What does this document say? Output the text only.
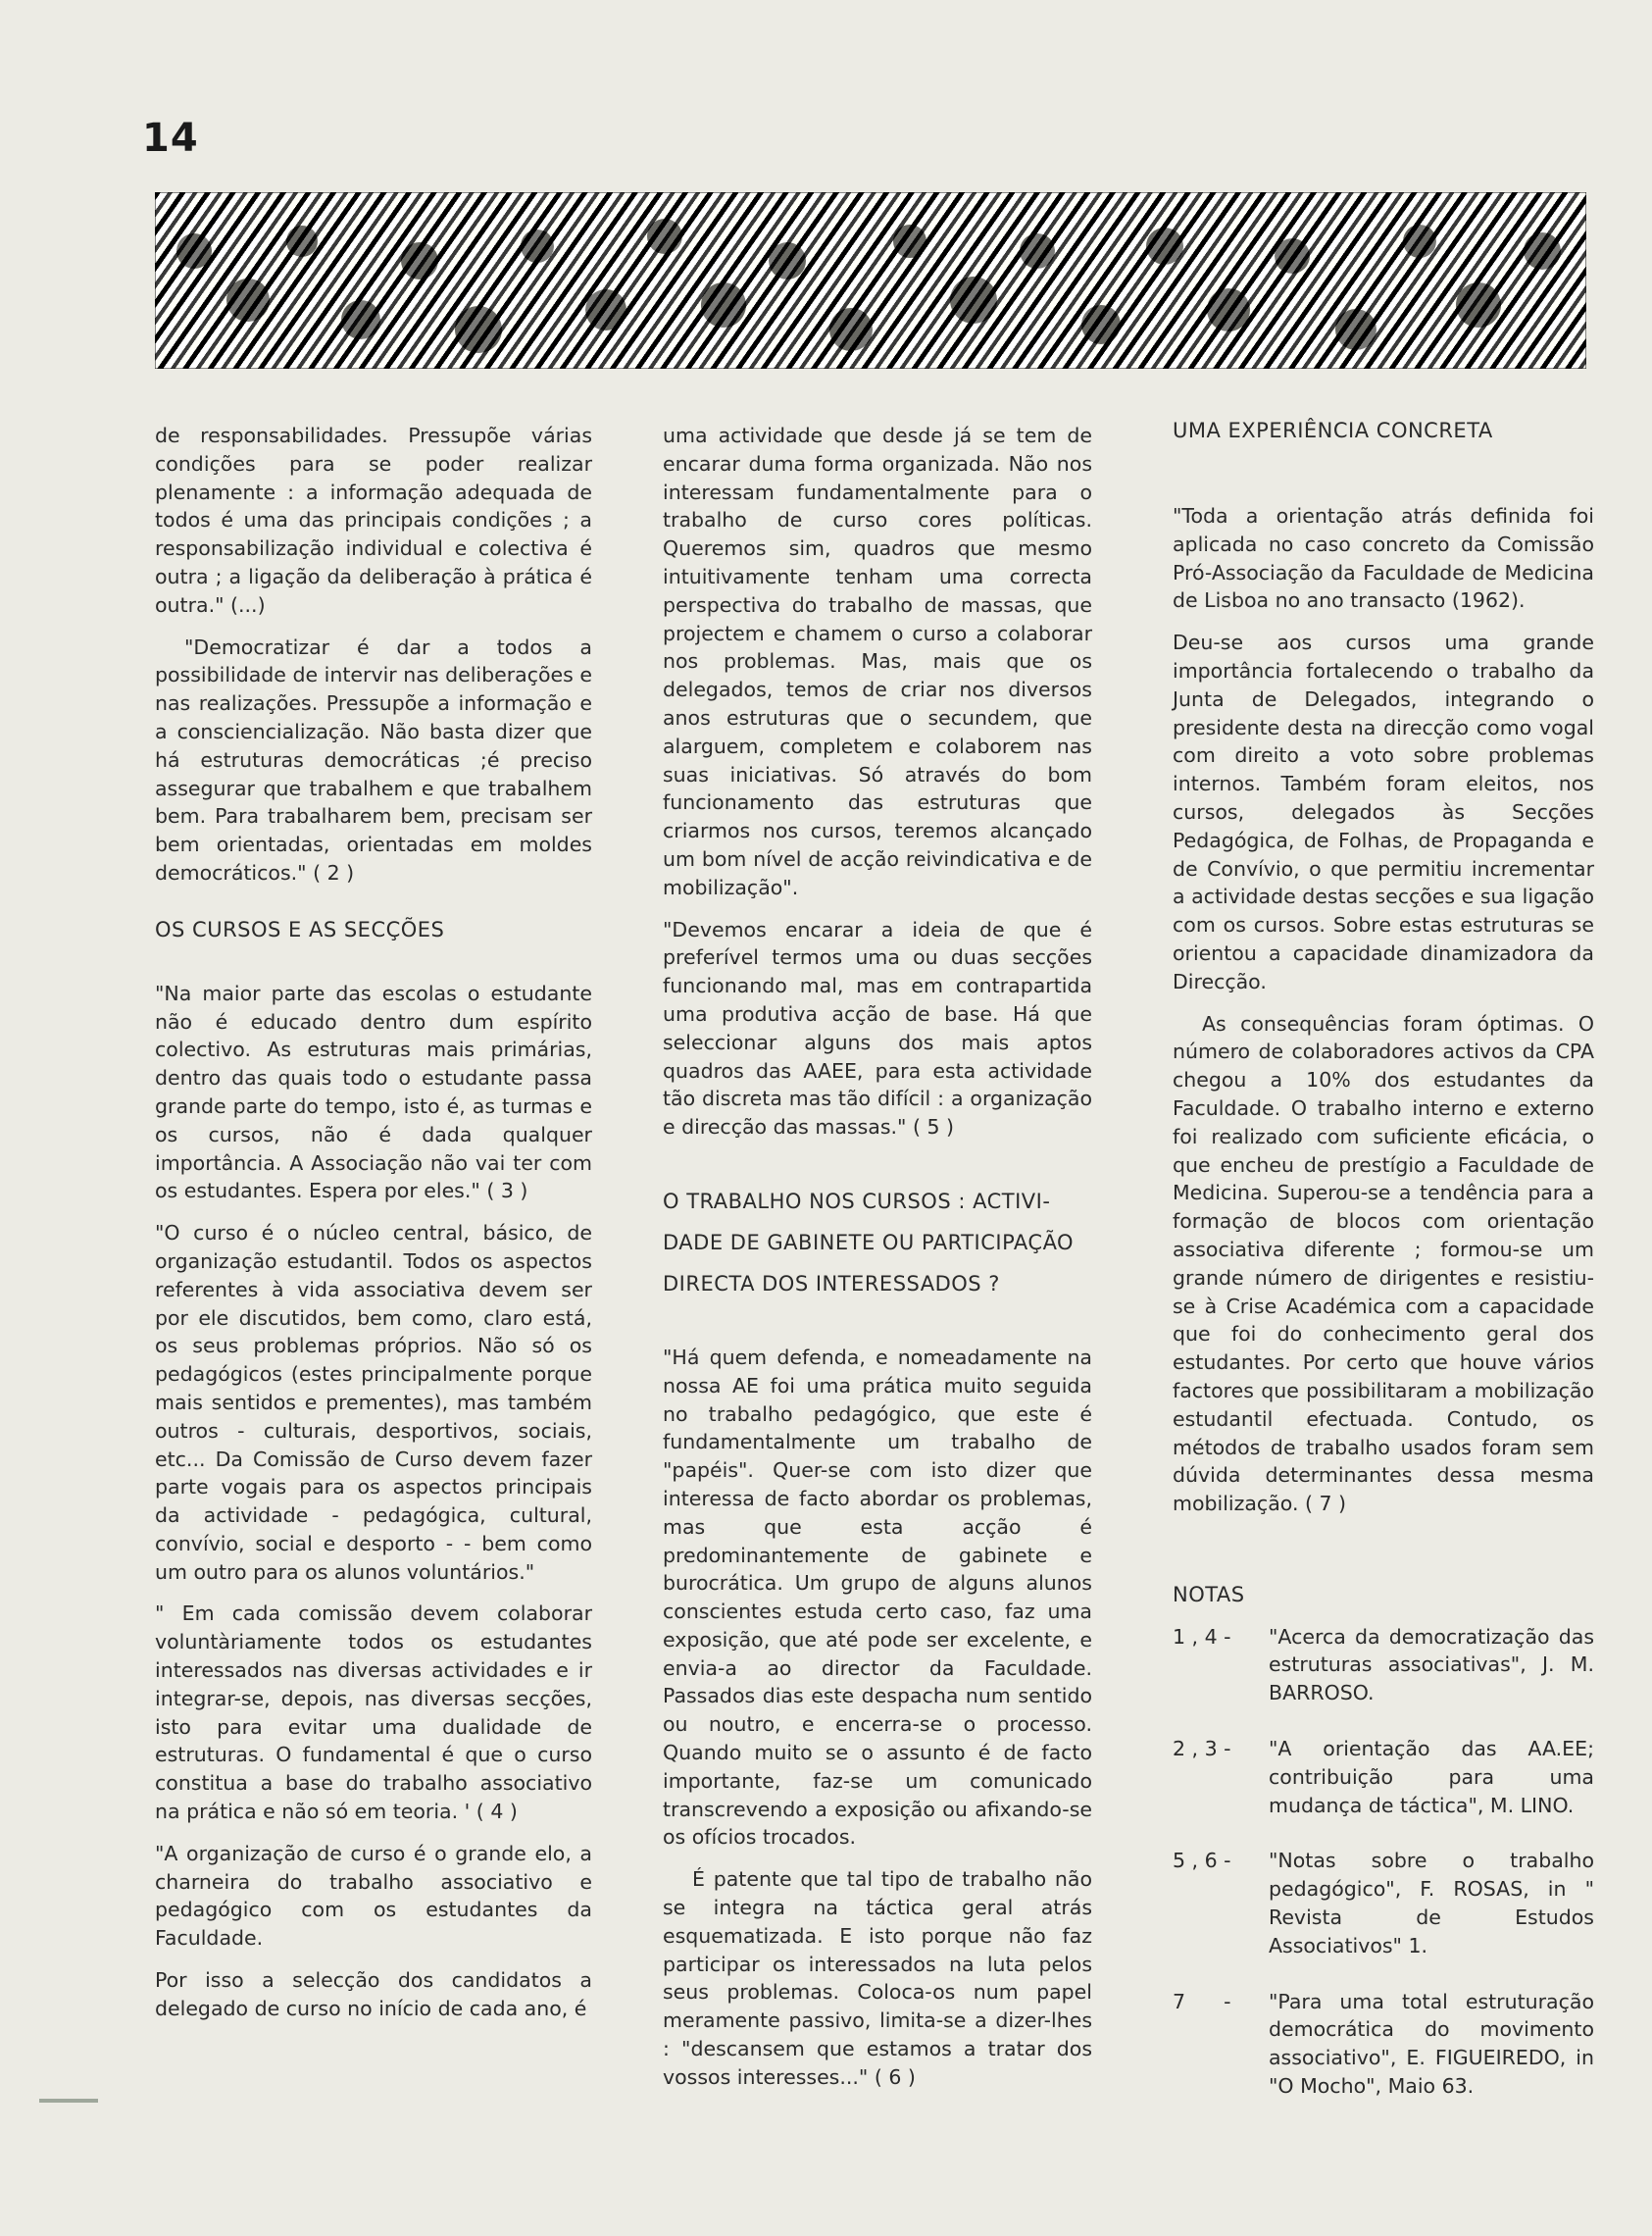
14

de responsabilidades. Pressupõe várias condições para se poder realizar plenamente : a informação adequada de todos é uma das principais condições ; a responsabilização individual e colectiva é outra ; a ligação da deliberação à prática é outra." (...)

"Democratizar é dar a todos a possibilidade de intervir nas deliberações e nas realizações. Pressupõe a informação e a consciencialização. Não basta dizer que há estruturas democráticas ;é preciso assegurar que trabalhem e que trabalhem bem. Para trabalharem bem, precisam ser bem orientadas, orientadas em moldes democráticos." ( 2 )

OS CURSOS E AS SECÇÕES

"Na maior parte das escolas o estudante não é educado dentro dum espírito colectivo. As estruturas mais primárias, dentro das quais todo o estudante passa grande parte do tempo, isto é, as turmas e os cursos, não é dada qualquer importância. A Associação não vai ter com os estudantes. Espera por eles." ( 3 )

"O curso é o núcleo central, básico, de organização estudantil. Todos os aspectos referentes à vida associativa devem ser por ele discutidos, bem como, claro está, os seus problemas próprios. Não só os pedagógicos (estes principalmente porque mais sentidos e prementes), mas também outros - culturais, desportivos, sociais, etc... Da Comissão de Curso devem fazer parte vogais para os aspectos principais da actividade - pedagógica, cultural, convívio, social e desporto - - bem como um outro para os alunos voluntários."

" Em cada comissão devem colaborar voluntàriamente todos os estudantes interessados nas diversas actividades e ir integrar-se, depois, nas diversas secções, isto para evitar uma dualidade de estruturas. O fundamental é que o curso constitua a base do trabalho associativo na prática e não só em teoria. ' ( 4 )

"A organização de curso é o grande elo, a charneira do trabalho associativo e pedagógico com os estudantes da Faculdade.

Por isso a selecção dos candidatos a delegado de curso no início de cada ano, é

uma actividade que desde já se tem de encarar duma forma organizada. Não nos interessam fundamentalmente para o trabalho de curso cores políticas. Queremos sim, quadros que mesmo intuitivamente tenham uma correcta perspectiva do trabalho de massas, que projectem e chamem o curso a colaborar nos problemas. Mas, mais que os delegados, temos de criar nos diversos anos estruturas que o secundem, que alarguem, completem e colaborem nas suas iniciativas. Só através do bom funcionamento das estruturas que criarmos nos cursos, teremos alcançado um bom nível de acção reivindicativa e de mobilização".

"Devemos encarar a ideia de que é preferível termos uma ou duas secções funcionando mal, mas em contrapartida uma produtiva acção de base. Há que seleccionar alguns dos mais aptos quadros das AAEE, para esta actividade tão discreta mas tão difícil : a organização e direcção das massas." ( 5 )

O TRABALHO NOS CURSOS : ACTIVI-
DADE DE GABINETE OU PARTICIPAÇÃO
DIRECTA DOS INTERESSADOS ?

"Há quem defenda, e nomeadamente na nossa AE foi uma prática muito seguida no trabalho pedagógico, que este é fundamentalmente um trabalho de "papéis". Quer-se com isto dizer que interessa de facto abordar os problemas, mas que esta acção é predominantemente de gabinete e burocrática. Um grupo de alguns alunos conscientes estuda certo caso, faz uma exposição, que até pode ser excelente, e envia-a ao director da Faculdade. Passados dias este despacha num sentido ou noutro, e encerra-se o processo. Quando muito se o assunto é de facto importante, faz-se um comunicado transcrevendo a exposição ou afixando-se os ofícios trocados.

É patente que tal tipo de trabalho não se integra na táctica geral atrás esquematizada. E isto porque não faz participar os interessados na luta pelos seus problemas. Coloca-os num papel meramente passivo, limita-se a dizer-lhes : "descansem que estamos a tratar dos vossos interesses..." ( 6 )

UMA EXPERIÊNCIA CONCRETA

"Toda a orientação atrás definida foi aplicada no caso concreto da Comissão Pró-Associação da Faculdade de Medicina de Lisboa no ano transacto (1962).

Deu-se aos cursos uma grande importância fortalecendo o trabalho da Junta de Delegados, integrando o presidente desta na direcção como vogal com direito a voto sobre problemas internos. Também foram eleitos, nos cursos, delegados às Secções Pedagógica, de Folhas, de Propaganda e de Convívio, o que permitiu incrementar a actividade destas secções e sua ligação com os cursos. Sobre estas estruturas se orientou a capacidade dinamizadora da Direcção.

As consequências foram óptimas. O número de colaboradores activos da CPA chegou a 10% dos estudantes da Faculdade. O trabalho interno e externo foi realizado com suficiente eficácia, o que encheu de prestígio a Faculdade de Medicina. Superou-se a tendência para a formação de blocos com orientação associativa diferente ; formou-se um grande número de dirigentes e resistiu-se à Crise Académica com a capacidade que foi do conhecimento geral dos estudantes. Por certo que houve vários factores que possibilitaram a mobilização estudantil efectuada. Contudo, os métodos de trabalho usados foram sem dúvida determinantes dessa mesma mobilização. ( 7 )

NOTAS

1 , 4 -	"Acerca da democratização das estruturas associativas", J. M. BARROSO.
2 , 3 -	"A orientação das AA.EE; contribuição para uma mudança de táctica", M. LINO.
5 , 6 -	"Notas sobre o trabalho pedagógico", F. ROSAS, in " Revista de Estudos Associativos" 1.
7      -	"Para uma total estruturação democrática do movimento associativo", E. FIGUEIREDO, in "O Mocho", Maio 63.
